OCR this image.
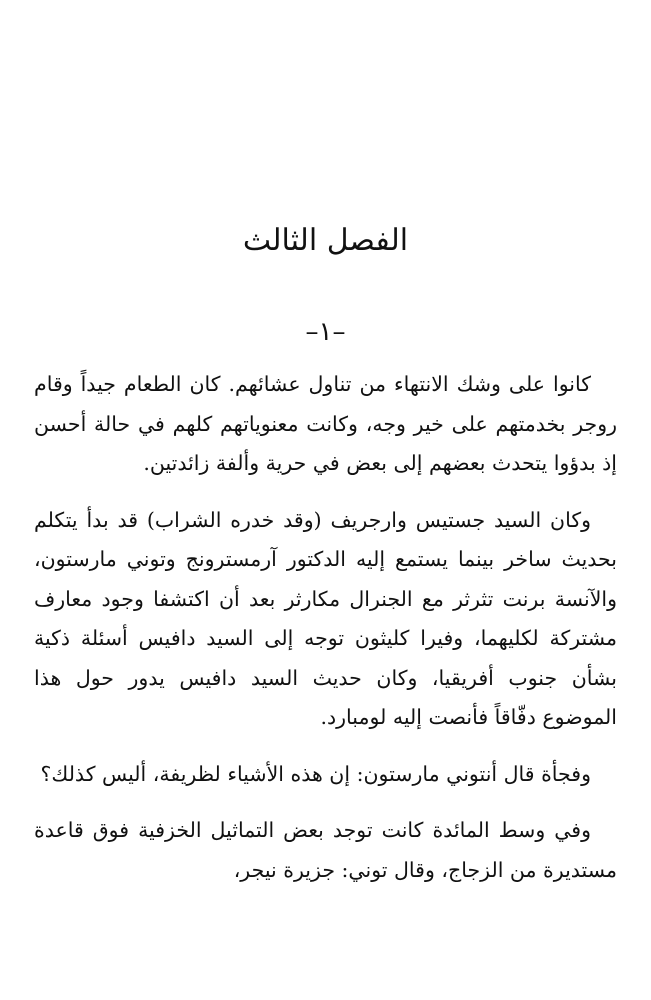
الفصل الثالث
–١–

كانوا على وشك الانتهاء من تناول عشائهم. كان الطعام جيداً وقام روجر بخدمتهم على خير وجه، وكانت معنوياتهم كلهم في حالة أحسن إذ بدؤوا يتحدث بعضهم إلى بعض في حرية وألفة زائدتين.

وكان السيد جستيس وارجريف (وقد خدره الشراب) قد بدأ يتكلم بحديث ساخر بينما يستمع إليه الدكتور آرمسترونج وتوني مارستون، والآنسة برنت تثرثر مع الجنرال مكارثر بعد أن اكتشفا وجود معارف مشتركة لكليهما، وفيرا كليثون توجه إلى السيد دافيس أسئلة ذكية بشأن جنوب أفريقيا، وكان حديث السيد دافيس يدور حول هذا الموضوع دفّاقاً فأنصت إليه لومبارد.

وفجأة قال أنتوني مارستون: إن هذه الأشياء لظريفة، أليس كذلك؟

وفي وسط المائدة كانت توجد بعض التماثيل الخزفية فوق قاعدة مستديرة من الزجاج، وقال توني: جزيرة نيجر،
